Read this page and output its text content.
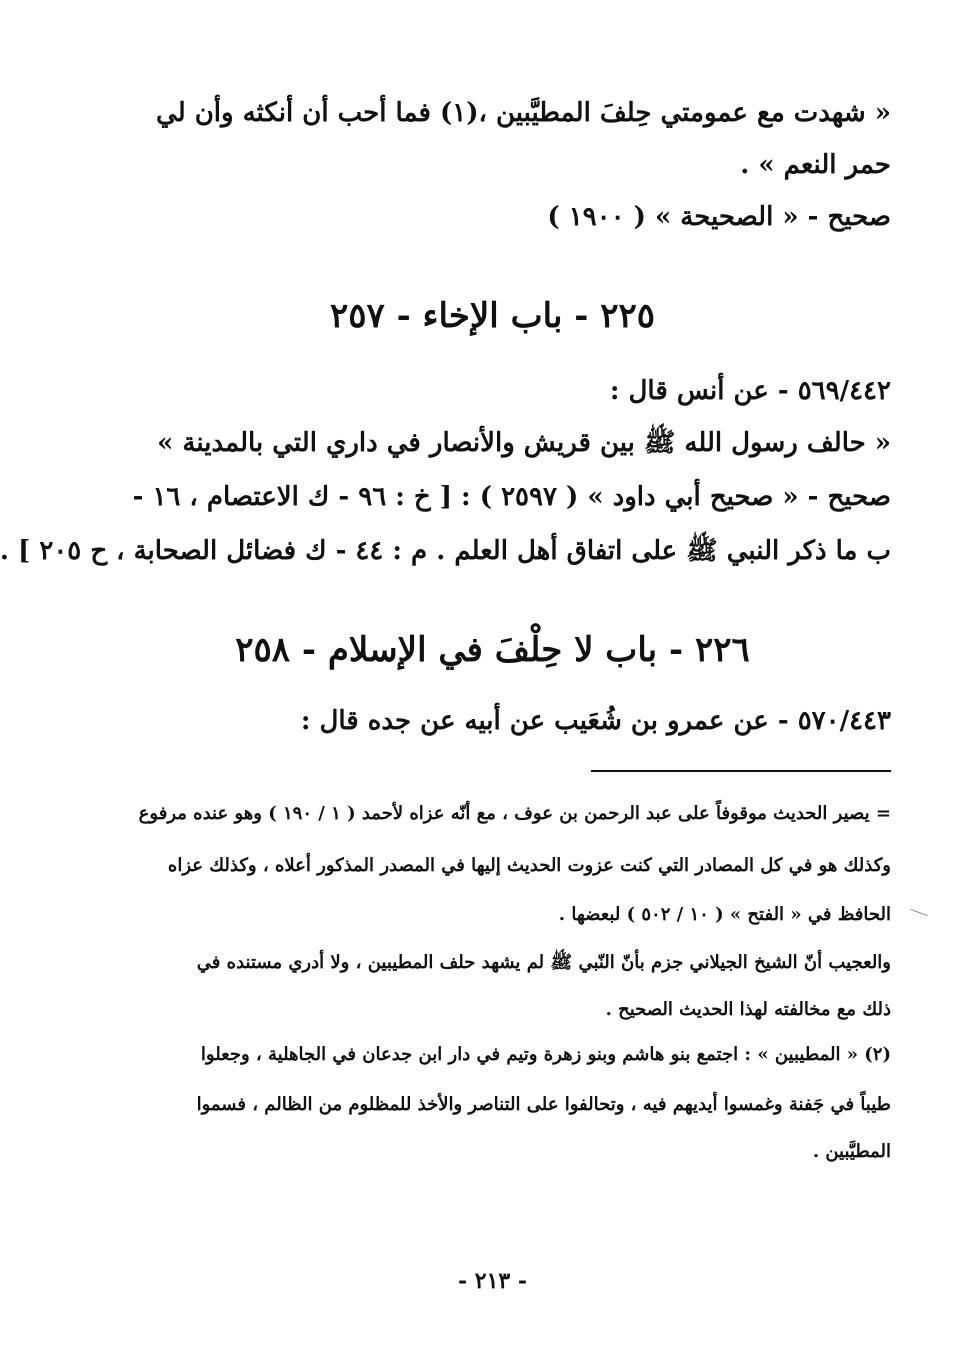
« شهدت مع عمومتي حِلفَ المطيَّبين ،(١) فما أحب أن أنكثه وأن لي
حمر النعم » .
صحيح - « الصحيحة » ( ١٩٠٠ )
٢٢٥ - باب الإخاء - ٢٥٧
٥٦٩/٤٤٢ - عن أنس قال :
« حالف رسول الله ﷺ بين قريش والأنصار في داري التي بالمدينة »
صحيح - « صحيح أبي داود » ( ٢٥٩٧ ) : [ خ : ٩٦ - ك الاعتصام ، ١٦ -
ب ما ذكر النبي ﷺ على اتفاق أهل العلم . م : ٤٤ - ك فضائل الصحابة ، ح ٢٠٥ ] .
٢٢٦ - باب لا حِلْفَ في الإسلام - ٢٥٨
٥٧٠/٤٤٣ - عن عمرو بن شُعَيب عن أبيه عن جده قال :
= يصير الحديث موقوفاً على عبد الرحمن بن عوف ، مع أنّه عزاه لأحمد ( ١ / ١٩٠ ) وهو عنده مرفوع
وكذلك هو في كل المصادر التي كنت عزوت الحديث إليها في المصدر المذكور أعلاه ، وكذلك عزاه
الحافظ في « الفتح » ( ١٠ / ٥٠٢ ) لبعضها .
والعجيب أنّ الشيخ الجيلاني جزم بأنّ النّبي ﷺ لم يشهد حلف المطيبين ، ولا أدري مستنده في
ذلك مع مخالفته لهذا الحديث الصحيح .
(٢) « المطيبين » : اجتمع بنو هاشم وبنو زهرة وتيم في دار ابن جدعان في الجاهلية ، وجعلوا
طيباً في جَفنة وغمسوا أيديهم فيه ، وتحالفوا على التناصر والأخذ للمظلوم من الظالم ، فسموا
المطيَّبين .
- ٢١٣ -
